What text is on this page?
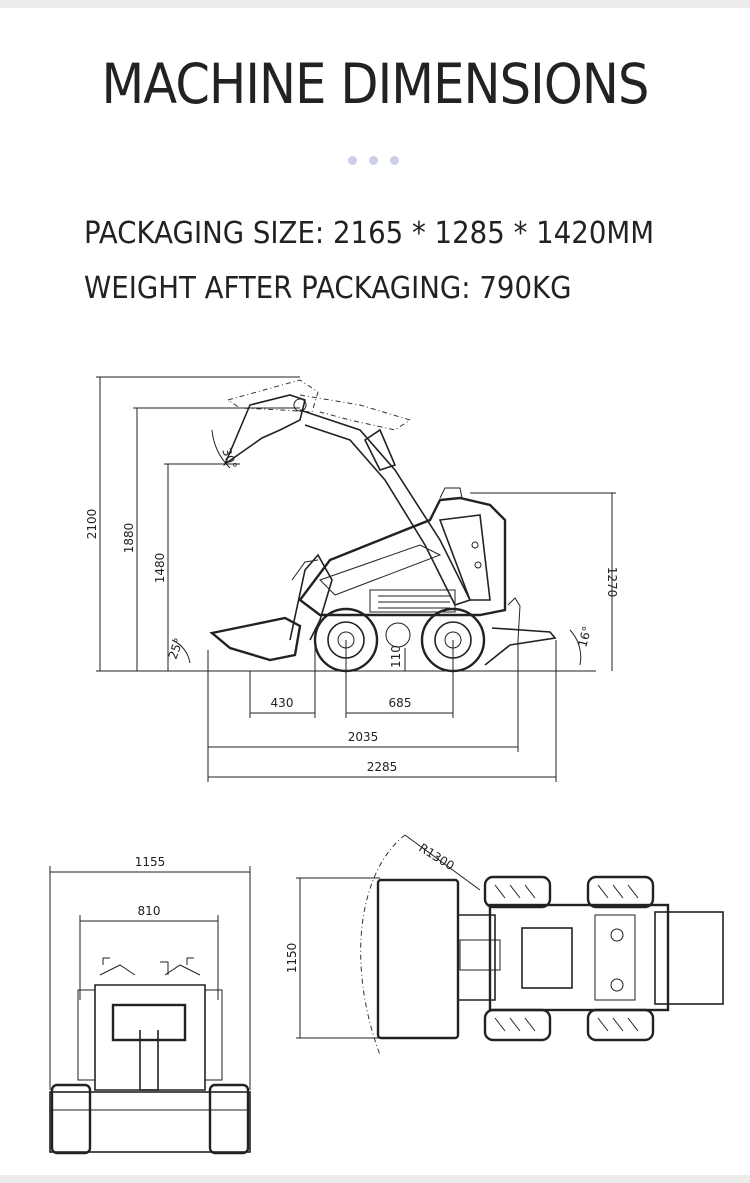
MACHINE DIMENSIONS
PACKAGING SIZE: 2165 * 1285 * 1420MM
WEIGHT AFTER PACKAGING: 790KG
2100 1880
1480	1270
30°
25°	16°
110
430	685
2035
2285
1155
810
R1300
1150
